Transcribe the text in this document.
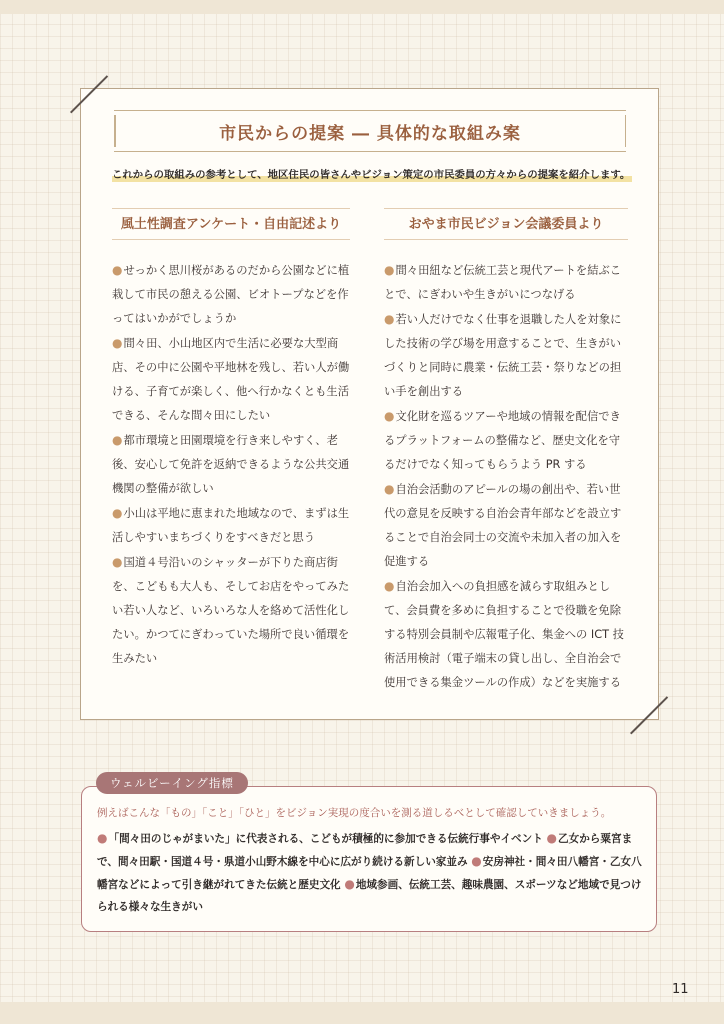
市民からの提案 ― 具体的な取組み案
これからの取組みの参考として、地区住民の皆さんやビジョン策定の市民委員の方々からの提案を紹介します。
風土性調査アンケート・自由記述より
●せっかく思川桜があるのだから公園などに植栽して市民の憩える公園、ビオトープなどを作ってはいかがでしょうか
●間々田、小山地区内で生活に必要な大型商店、その中に公園や平地林を残し、若い人が働ける、子育てが楽しく、他へ行かなくとも生活できる、そんな間々田にしたい
●都市環境と田園環境を行き来しやすく、老後、安心して免許を返納できるような公共交通機関の整備が欲しい
●小山は平地に恵まれた地域なので、まずは生活しやすいまちづくりをすべきだと思う
●国道４号沿いのシャッターが下りた商店街を、こどもも大人も、そしてお店をやってみたい若い人など、いろいろな人を絡めて活性化したい。かつてにぎわっていた場所で良い循環を生みたい
おやま市民ビジョン会議委員より
●間々田紐など伝統工芸と現代アートを結ぶことで、にぎわいや生きがいにつなげる
●若い人だけでなく仕事を退職した人を対象にした技術の学び場を用意することで、生きがいづくりと同時に農業・伝統工芸・祭りなどの担い手を創出する
●文化財を巡るツアーや地域の情報を配信できるプラットフォームの整備など、歴史文化を守るだけでなく知ってもらうよう PR する
●自治会活動のアピールの場の創出や、若い世代の意見を反映する自治会青年部などを設立することで自治会同士の交流や未加入者の加入を促進する
●自治会加入への負担感を減らす取組みとして、会員費を多めに負担することで役職を免除する特別会員制や広報電子化、集金への ICT 技術活用検討（電子端末の貸し出し、全自治会で使用できる集金ツールの作成）などを実施する
ウェルビーイング指標
例えばこんな「もの」「こと」「ひと」をビジョン実現の度合いを測る道しるべとして確認していきましょう。
●「間々田のじゃがまいた」に代表される、こどもが積極的に参加できる伝統行事やイベント ●乙女から粟宮まで、間々田駅・国道４号・県道小山野木線を中心に広がり続ける新しい家並み ●安房神社・間々田八幡宮・乙女八幡宮などによって引き継がれてきた伝統と歴史文化 ●地域参画、伝統工芸、趣味農園、スポーツなど地域で見つけられる様々な生きがい
11
